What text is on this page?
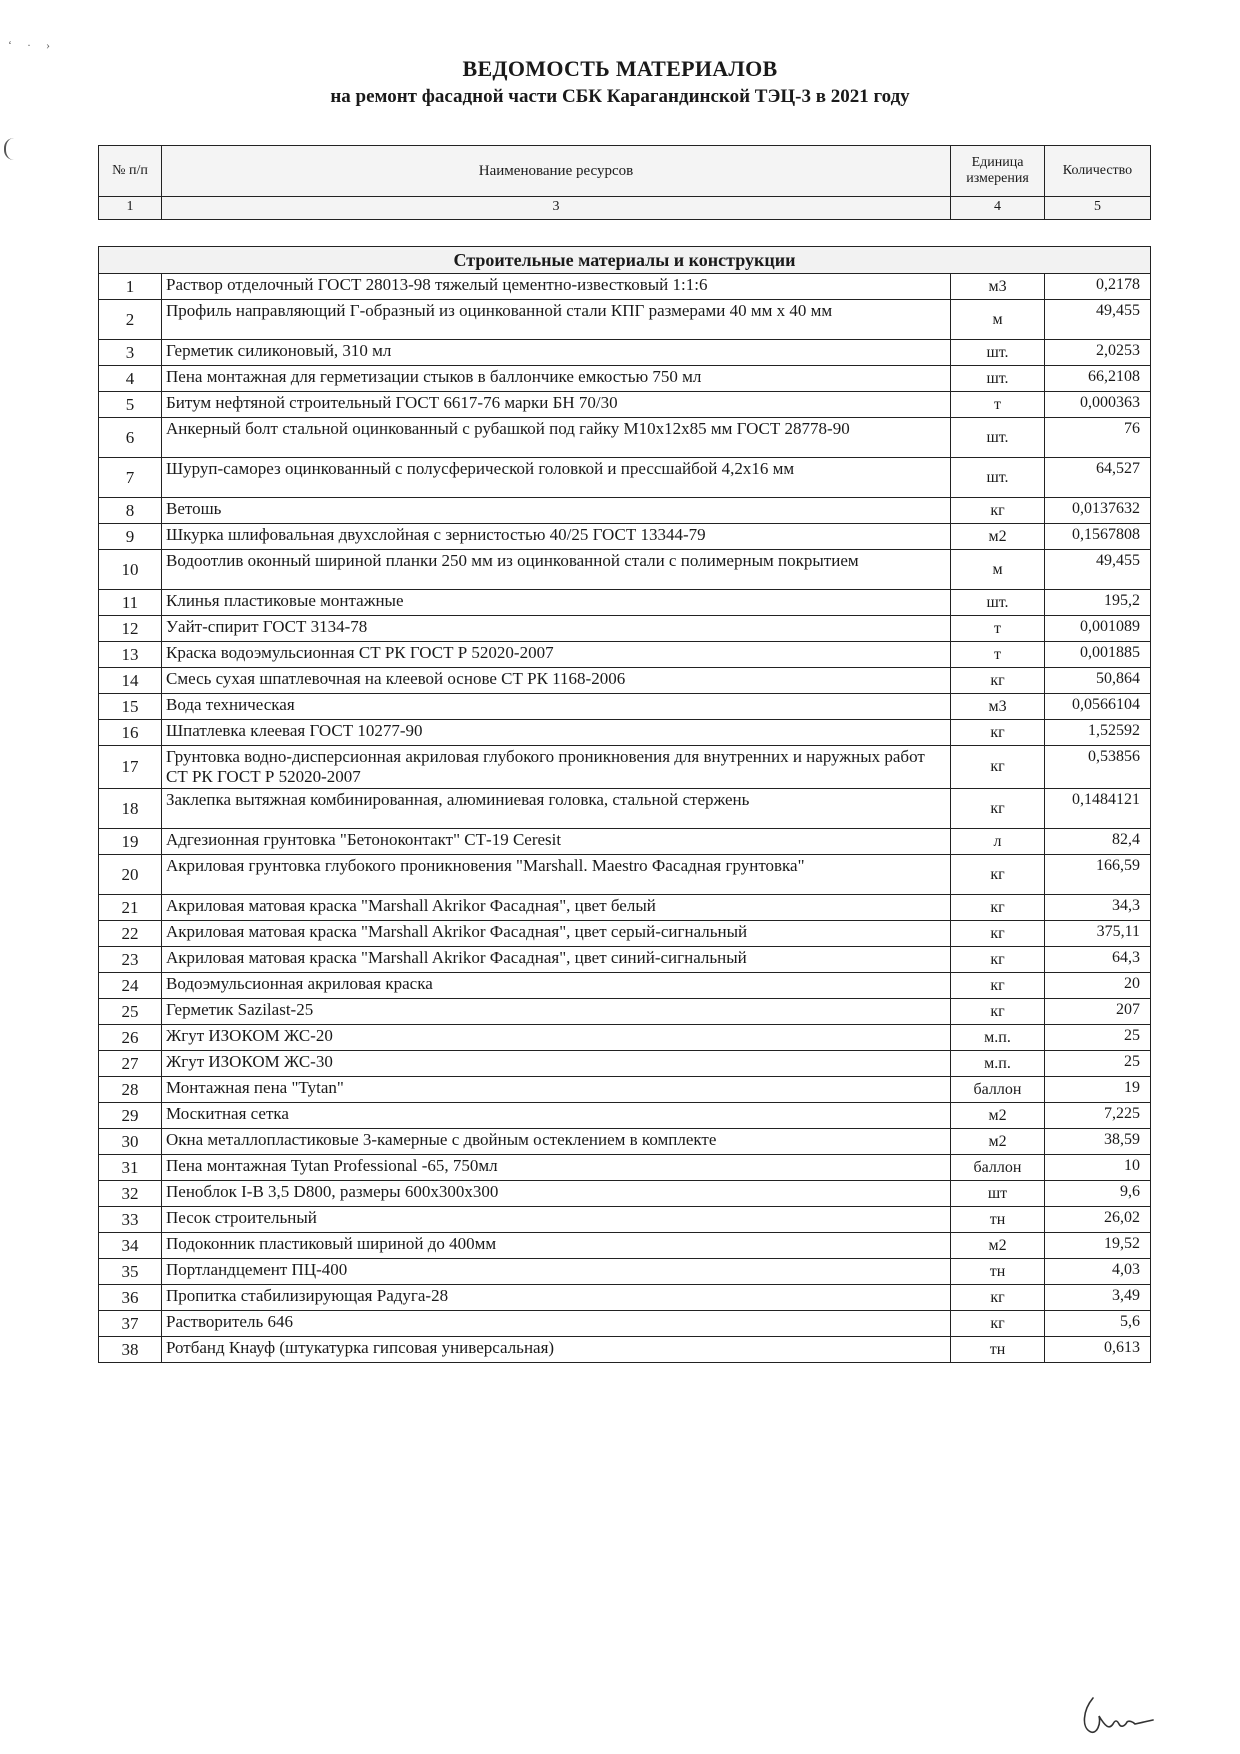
‘ · ›
ВЕДОМОСТЬ МАТЕРИАЛОВ
на ремонт фасадной части СБК Карагандинской ТЭЦ-3 в 2021 году
№ п/п	Наименование ресурсов	Единица измерения	Количество
1	3	4	5

Строительные материалы и конструкции			
1	Раствор отделочный ГОСТ 28013-98 тяжелый цементно-известковый 1:1:6	м3	0,2178
2	Профиль направляющий Г-образный из оцинкованной стали КПГ размерами 40 мм х 40 мм	м	49,455
3	Герметик силиконовый, 310 мл	шт.	2,0253
4	Пена монтажная для герметизации стыков в баллончике емкостью 750 мл	шт.	66,2108
5	Битум нефтяной строительный ГОСТ 6617-76 марки БН 70/30	т	0,000363
6	Анкерный болт стальной оцинкованный с рубашкой под гайку М10х12х85 мм ГОСТ 28778-90	шт.	76
7	Шуруп-саморез оцинкованный с полусферической головкой и прессшайбой 4,2х16 мм	шт.	64,527
8	Ветошь	кг	0,0137632
9	Шкурка шлифовальная двухслойная с зернистостью 40/25 ГОСТ 13344-79	м2	0,1567808
10	Водоотлив оконный шириной планки 250 мм из оцинкованной стали с полимерным покрытием	м	49,455
11	Клинья пластиковые монтажные	шт.	195,2
12	Уайт-спирит ГОСТ 3134-78	т	0,001089
13	Краска водоэмульсионная СТ РК ГОСТ Р 52020-2007	т	0,001885
14	Смесь сухая шпатлевочная на клеевой основе СТ РК 1168-2006	кг	50,864
15	Вода техническая	м3	0,0566104
16	Шпатлевка клеевая ГОСТ 10277-90	кг	1,52592
17	Грунтовка водно-дисперсионная акриловая глубокого проникновения для внутренних и наружных работ СТ РК ГОСТ Р 52020-2007	кг	0,53856
18	Заклепка вытяжная комбинированная, алюминиевая головка, стальной стержень	кг	0,1484121
19	Адгезионная грунтовка "Бетоноконтакт" СТ-19 Ceresit	л	82,4
20	Акриловая грунтовка глубокого проникновения "Marshall. Maestro Фасадная грунтовка"	кг	166,59
21	Акриловая матовая краска "Marshall Akrikor Фасадная", цвет белый	кг	34,3
22	Акриловая матовая краска "Marshall Akrikor Фасадная", цвет серый-сигнальный	кг	375,11
23	Акриловая матовая краска "Marshall Akrikor Фасадная", цвет синий-сигнальный	кг	64,3
24	Водоэмульсионная акриловая краска	кг	20
25	Герметик Sazilast-25	кг	207
26	Жгут ИЗОКОМ ЖС-20	м.п.	25
27	Жгут ИЗОКОМ ЖС-30	м.п.	25
28	Монтажная пена "Tytan"	баллон	19
29	Москитная сетка	м2	7,225
30	Окна металлопластиковые 3-камерные с двойным остеклением в комплекте	м2	38,59
31	Пена монтажная Tytan Professional -65, 750мл	баллон	10
32	Пеноблок I-B 3,5 D800, размеры 600х300х300	шт	9,6
33	Песок строительный	тн	26,02
34	Подоконник пластиковый шириной до 400мм	м2	19,52
35	Портландцемент ПЦ-400	тн	4,03
36	Пропитка стабилизирующая Радуга-28	кг	3,49
37	Растворитель 646	кг	5,6
38	Ротбанд Кнауф (штукатурка гипсовая универсальная)	тн	0,613
